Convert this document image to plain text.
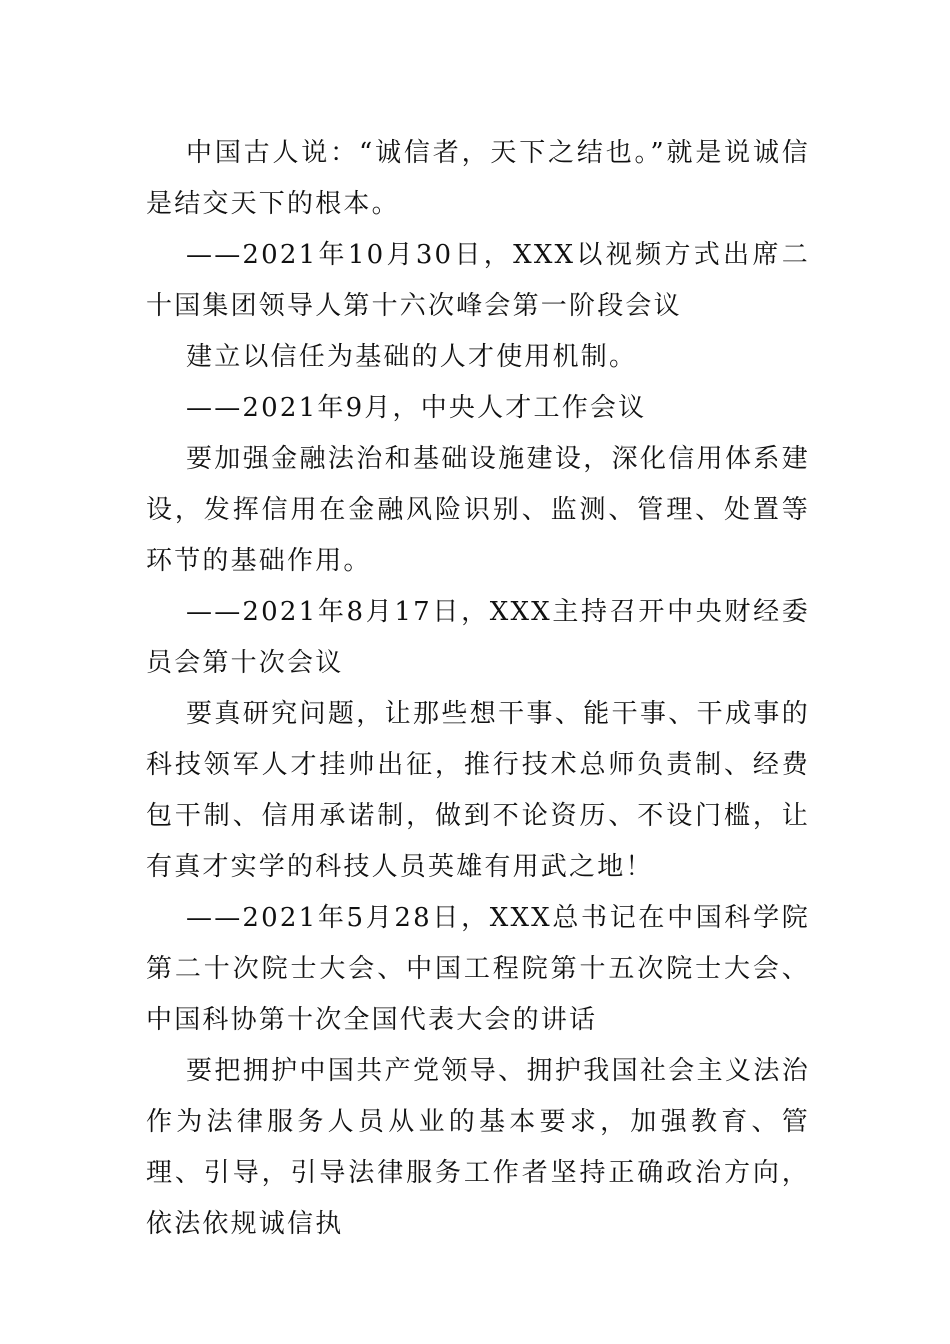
中国古人说：“诚信者，天下之结也。”就是说诚信是结交天下的根本。

——2021年10月30日，XXX以视频方式出席二十国集团领导人第十六次峰会第一阶段会议

建立以信任为基础的人才使用机制。

——2021年9月，中央人才工作会议

要加强金融法治和基础设施建设，深化信用体系建设，发挥信用在金融风险识别、监测、管理、处置等环节的基础作用。

——2021年8月17日，XXX主持召开中央财经委员会第十次会议

要真研究问题，让那些想干事、能干事、干成事的科技领军人才挂帅出征，推行技术总师负责制、经费包干制、信用承诺制，做到不论资历、不设门槛，让有真才实学的科技人员英雄有用武之地！

——2021年5月28日，XXX总书记在中国科学院第二十次院士大会、中国工程院第十五次院士大会、中国科协第十次全国代表大会的讲话

要把拥护中国共产党领导、拥护我国社会主义法治作为法律服务人员从业的基本要求，加强教育、管理、引导，引导法律服务工作者坚持正确政治方向，依法依规诚信执
